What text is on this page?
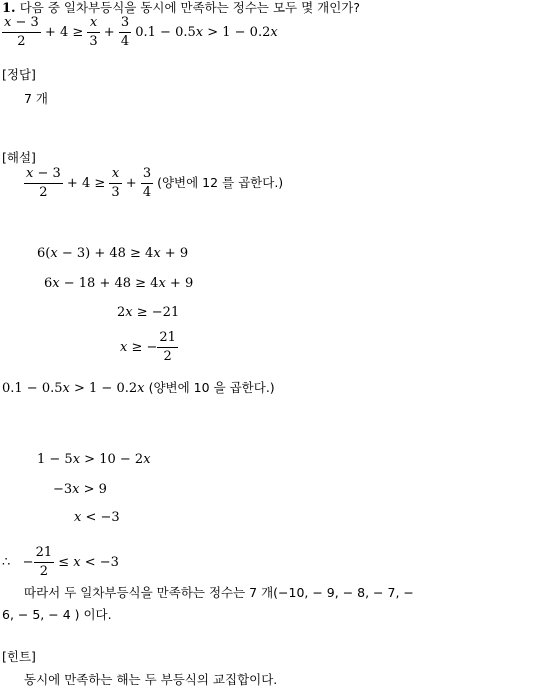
1. 다음 중 일차부등식을 동시에 만족하는 정수는 모두 몇 개인가?
$\frac{x - 3}{2} + 4 \ge \frac{x}{3} + \frac{3}{4} 0.1 - 0.5x > 1 - 0.2x$
[정답]
7 개
[해설]
$\frac{x - 3}{2} + 4 \ge \frac{x}{3} + \frac{3}{4}$ (양변에 12 를 곱한다.)
6(x − 3) + 48 ≥ 4x + 9
6x − 18 + 48 ≥ 4x + 9
2x ≥ −21
x ≥ − $\frac{21}{2}$
0.1 − 0.5x > 1 − 0.2x (양변에 10 을 곱한다.)
1 − 5x > 10 − 2x
−3x > 9
x < −3
∴   − $\frac{21}{2} \le x < -3$
따라서 두 일차부등식을 만족하는 정수는 7 개(−10, − 9, − 8, − 7, −
6, − 5, − 4 ) 이다.
[힌트]
동시에 만족하는 해는 두 부등식의 교집합이다.
